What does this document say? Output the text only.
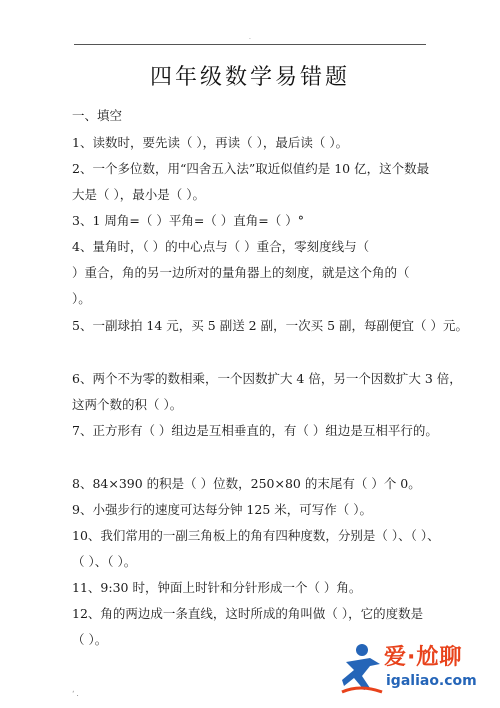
·
四年级数学易错题
一、填空
1、读数时，要先读（ ），再读（ ），最后读（ ）。
2、一个多位数，用“四舍五入法”取近似值约是 10 亿，这个数最
大是（ ），最小是（ ）。
3、1 周角=（ ）平角=（ ）直角=（ ）°
4、量角时，（ ）的中心点与（ ）重合，零刻度线与（
）重合，角的另一边所对的量角器上的刻度，就是这个角的（
）。
5、一副球拍 14 元，买 5 副送 2 副，一次买 5 副，每副便宜（ ）元。
6、两个不为零的数相乘，一个因数扩大 4 倍，另一个因数扩大 3 倍，
这两个数的积（ ）。
7、正方形有（ ）组边是互相垂直的，有（ ）组边是互相平行的。
8、84×390 的积是（ ）位数，250×80 的末尾有（ ）个 0。
9、小强步行的速度可达每分钟 125 米，可写作（ ）。
10、我们常用的一副三角板上的角有四种度数，分别是（ ）、（ ）、
（ ）、（ ）。
11、9:30 时，钟面上时针和分针形成一个（ ）角。
12、角的两边成一条直线，这时所成的角叫做（ ），它的度数是
（ ）。
‘ .
爱·尬聊
igaliao.com
